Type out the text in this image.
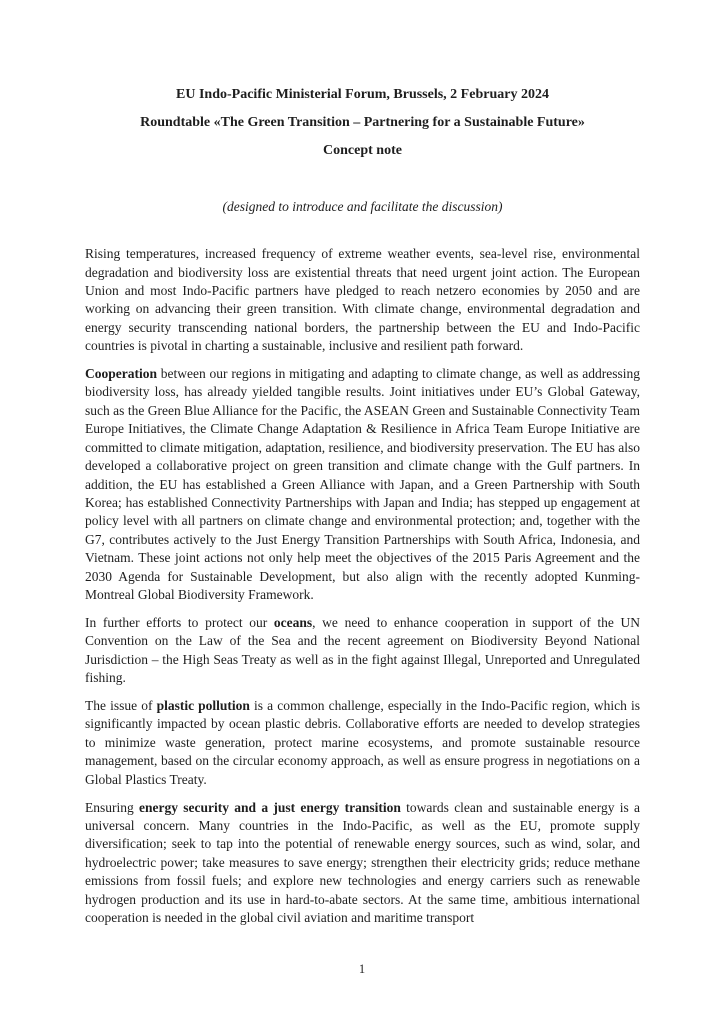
EU Indo-Pacific Ministerial Forum, Brussels, 2 February 2024
Roundtable «The Green Transition – Partnering for a Sustainable Future»
Concept note

(designed to introduce and facilitate the discussion)

Rising temperatures, increased frequency of extreme weather events, sea-level rise, environmental degradation and biodiversity loss are existential threats that need urgent joint action. The European Union and most Indo-Pacific partners have pledged to reach netzero economies by 2050 and are working on advancing their green transition. With climate change, environmental degradation and energy security transcending national borders, the partnership between the EU and Indo-Pacific countries is pivotal in charting a sustainable, inclusive and resilient path forward.

Cooperation between our regions in mitigating and adapting to climate change, as well as addressing biodiversity loss, has already yielded tangible results. Joint initiatives under EU’s Global Gateway, such as the Green Blue Alliance for the Pacific, the ASEAN Green and Sustainable Connectivity Team Europe Initiatives, the Climate Change Adaptation & Resilience in Africa Team Europe Initiative are committed to climate mitigation, adaptation, resilience, and biodiversity preservation. The EU has also developed a collaborative project on green transition and climate change with the Gulf partners. In addition, the EU has established a Green Alliance with Japan, and a Green Partnership with South Korea; has established Connectivity Partnerships with Japan and India; has stepped up engagement at policy level with all partners on climate change and environmental protection; and, together with the G7, contributes actively to the Just Energy Transition Partnerships with South Africa, Indonesia, and Vietnam. These joint actions not only help meet the objectives of the 2015 Paris Agreement and the 2030 Agenda for Sustainable Development, but also align with the recently adopted Kunming-Montreal Global Biodiversity Framework.

In further efforts to protect our oceans, we need to enhance cooperation in support of the UN Convention on the Law of the Sea and the recent agreement on Biodiversity Beyond National Jurisdiction – the High Seas Treaty as well as in the fight against Illegal, Unreported and Unregulated fishing.

The issue of plastic pollution is a common challenge, especially in the Indo-Pacific region, which is significantly impacted by ocean plastic debris. Collaborative efforts are needed to develop strategies to minimize waste generation, protect marine ecosystems, and promote sustainable resource management, based on the circular economy approach, as well as ensure progress in negotiations on a Global Plastics Treaty.

Ensuring energy security and a just energy transition towards clean and sustainable energy is a universal concern. Many countries in the Indo-Pacific, as well as the EU, promote supply diversification; seek to tap into the potential of renewable energy sources, such as wind, solar, and hydroelectric power; take measures to save energy; strengthen their electricity grids; reduce methane emissions from fossil fuels; and explore new technologies and energy carriers such as renewable hydrogen production and its use in hard-to-abate sectors. At the same time, ambitious international cooperation is needed in the global civil aviation and maritime transport

1
